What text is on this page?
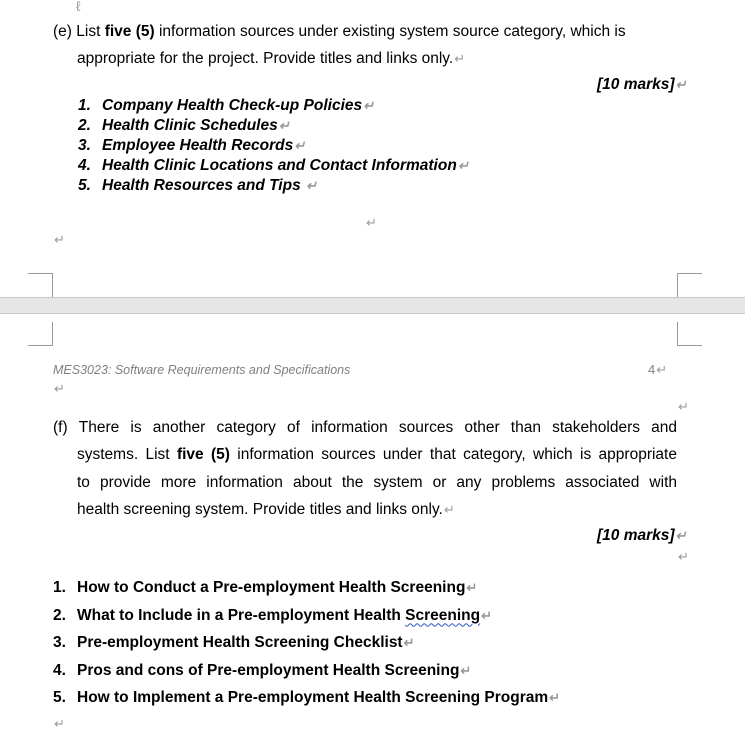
ℓ
(e) List five (5) information sources under existing system source category, which is
appropriate for the project. Provide titles and links only.↵
[10 marks]↵
1. Company Health Check-up Policies↵
2. Health Clinic Schedules↵
3. Employee Health Records↵
4. Health Clinic Locations and Contact Information↵
5. Health Resources and Tips ↵
↵
↵
MES3023: Software Requirements and Specifications	4↵
↵
↵
(f) There is another category of information sources other than stakeholders and
systems. List five (5) information sources under that category, which is appropriate
to provide more information about the system or any problems associated with
health screening system. Provide titles and links only.↵
[10 marks]↵
↵
1. How to Conduct a Pre-employment Health Screening↵
2. What to Include in a Pre-employment Health Screening↵
3. Pre-employment Health Screening Checklist↵
4. Pros and cons of Pre-employment Health Screening↵
5. How to Implement a Pre-employment Health Screening Program↵
↵
